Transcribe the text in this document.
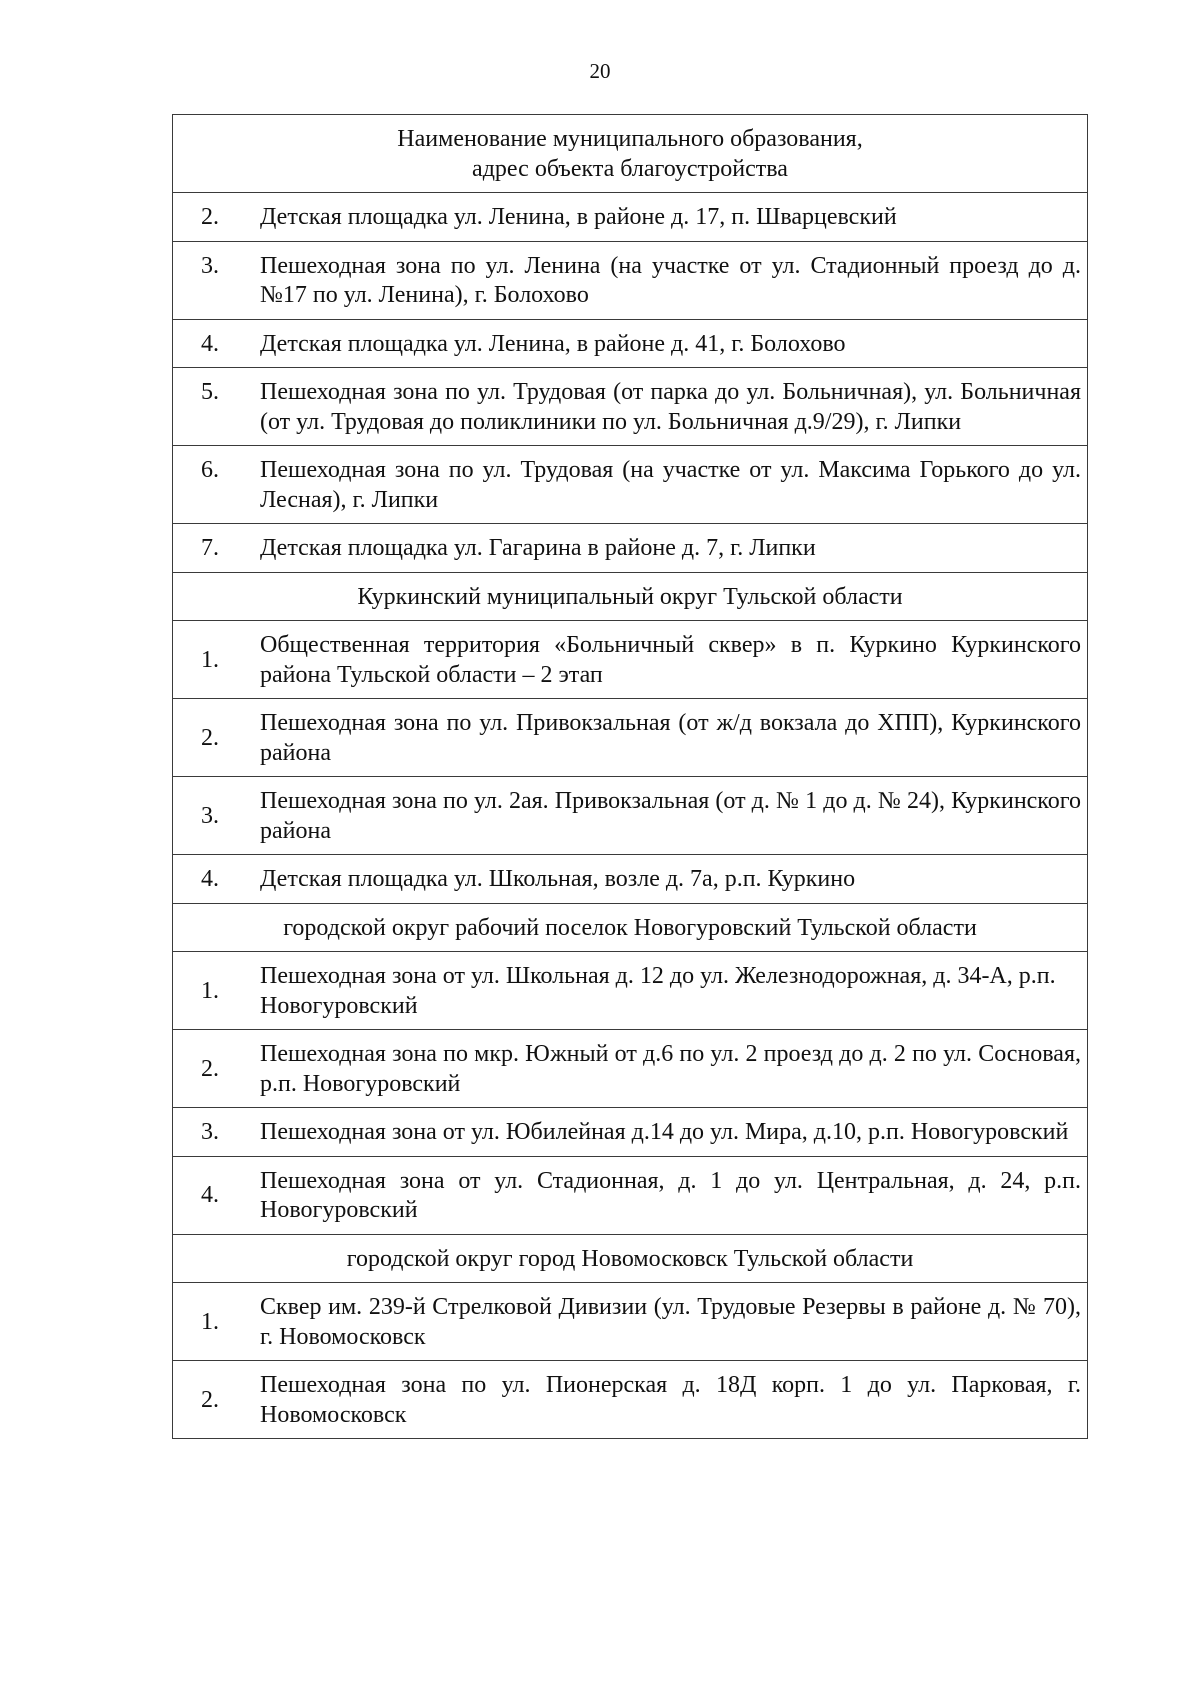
20
Наименование муниципального образования,
адрес объекта благоустройства

2.	Детская площадка ул. Ленина, в районе д. 17, п. Шварцевский

3.	Пешеходная зона по ул. Ленина (на участке от ул. Стадионный проезд до д. №17 по ул. Ленина), г. Болохово

4.	Детская площадка ул. Ленина, в районе д. 41, г. Болохово

5.	Пешеходная зона по ул. Трудовая (от парка до ул. Больничная), ул. Больничная (от ул. Трудовая до поликлиники по ул. Больничная д.9/29), г. Липки

6.	Пешеходная зона по ул. Трудовая (на участке от ул. Максима Горького до ул. Лесная), г. Липки

7.	Детская площадка ул. Гагарина в районе д. 7, г. Липки

Куркинский муниципальный округ Тульской области

1.
Общественная территория «Больничный сквер» в п. Куркино Куркинского района Тульской области – 2 этап

2.
Пешеходная зона по ул. Привокзальная (от ж/д вокзала до ХПП), Куркинского района

3.
Пешеходная зона по ул. 2ая. Привокзальная (от д. № 1 до д. № 24), Куркинского района

4.	Детская площадка ул. Школьная, возле д. 7а, р.п. Куркино

городской округ рабочий поселок Новогуровский Тульской области

1.
Пешеходная зона от ул. Школьная д. 12 до ул. Железнодорожная, д. 34-А, р.п. Новогуровский

2.
Пешеходная зона по мкр. Южный от д.6 по ул. 2 проезд до д. 2 по ул. Сосновая, р.п. Новогуровский

3.	Пешеходная зона от ул. Юбилейная д.14 до ул. Мира, д.10, р.п. Новогуровский

4.
Пешеходная зона от ул. Стадионная, д. 1 до ул. Центральная, д. 24, р.п. Новогуровский

городской округ город Новомосковск Тульской области

1.
Сквер им. 239-й Стрелковой Дивизии (ул. Трудовые Резервы в районе д. № 70), г. Новомосковск

2.
Пешеходная зона по ул. Пионерская д. 18Д корп. 1 до ул. Парковая, г. Новомосковск
